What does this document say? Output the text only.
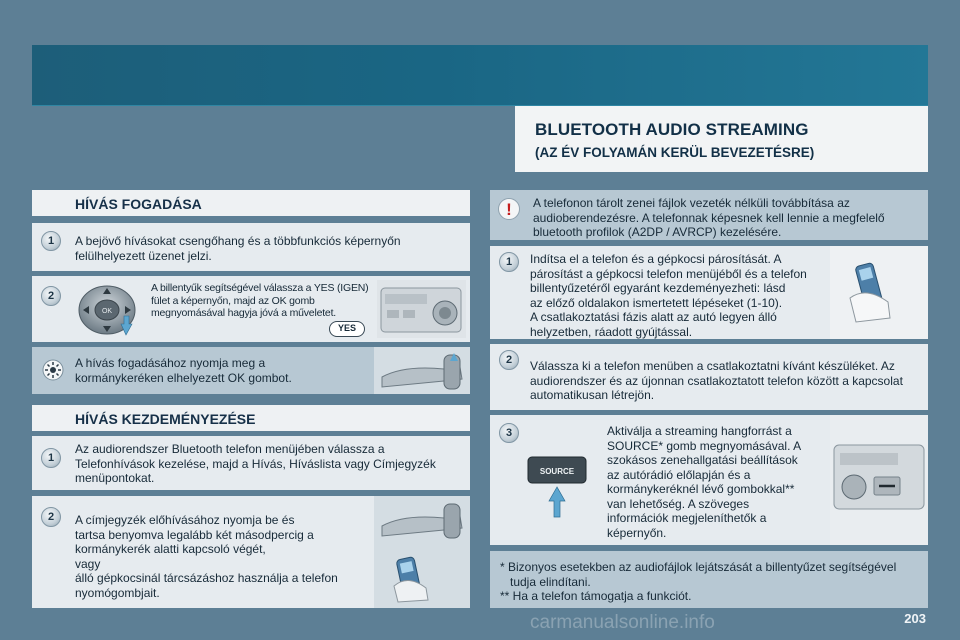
BLUETOOTH AUDIO STREAMING
(AZ ÉV FOLYAMÁN KERÜL BEVEZETÉSRE)
HÍVÁS FOGADÁSA
1	A bejövő hívásokat csengőhang és a többfunkciós képernyőn felülhelyezett üzenet jelzi.
2
OK
A billentyűk segítségével válassza a YES (IGEN) fület a képernyőn, majd az OK gomb megnyomásával hagyja jóvá a műveletet.
YES
A hívás fogadásához nyomja meg a kormánykeréken elhelyezett OK gombot.
HÍVÁS KEZDEMÉNYEZÉSE
1
Az audiorendszer Bluetooth telefon menüjében válassza a Telefonhívások kezelése, majd a Hívás, Híváslista vagy Címjegyzék menüpontokat.
2	A címjegyzék előhívásához nyomja be és
tartsa benyomva legalább két másodpercig a
kormánykerék alatti kapcsoló végét,
vagy
álló gépkocsinál tárcsázáshoz használja a telefon
nyomógombjait.
!	A telefonon tárolt zenei fájlok vezeték nélküli továbbítása az audioberendezésre. A telefonnak képesnek kell lennie a megfelelő bluetooth profilok (A2DP / AVRCP) kezelésére.
1	Indítsa el a telefon és a gépkocsi párosítását. A
párosítást a gépkocsi telefon menüjéből és a telefon
billentyűzetéről egyaránt kezdeményezheti: lásd
az előző oldalakon ismertetett lépéseket (1-10).
A csatlakoztatási fázis alatt az autó legyen álló
helyzetben, ráadott gyújtással.
2	Válassza ki a telefon menüben a csatlakoztatni kívánt készüléket. Az audiorendszer és az újonnan csatlakoztatott telefon között a kapcsolat automatikusan létrejön.
3
SOURCE
Aktiválja a streaming hangforrást a
SOURCE* gomb megnyomásával. A
szokásos zenehallgatási beállítások
az autórádió előlapján és a
kormánykeréknél lévő gombokkal**
van lehetőség. A szöveges
információk megjeleníthetők a
képernyőn.
* Bizonyos esetekben az audiofájlok lejátszását a billentyűzet segítségével tudja elindítani.
** Ha a telefon támogatja a funkciót.
203
carmanualsonline.info
